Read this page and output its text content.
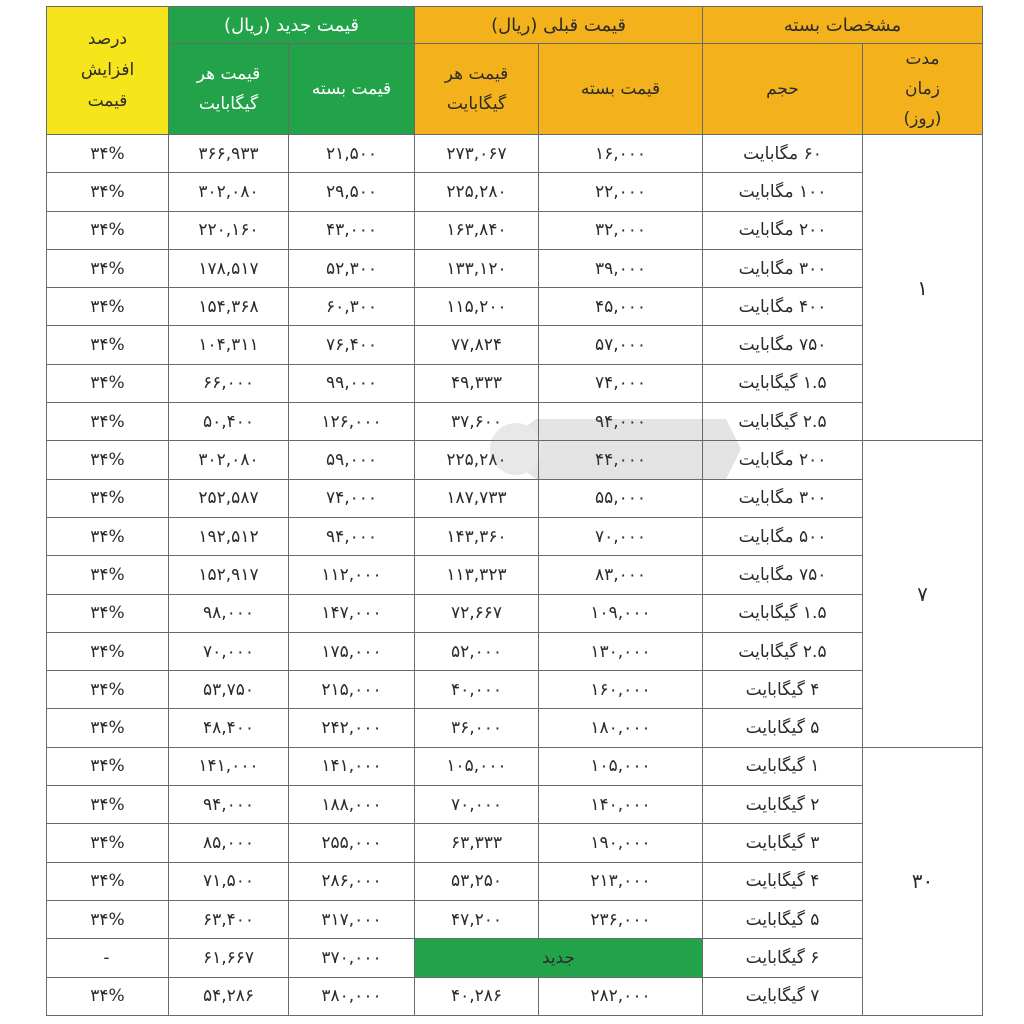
درصد افزایش قیمت	قیمت جدید (ریال)		قیمت قبلی (ریال)		مشخصات بسته	

	قیمت هر گیگابایت	قیمت بسته	قیمت هر گیگابایت	قیمت بسته	حجم	مدت زمان (روز)

۳۴%	۳۶۶,۹۳۳	۲۱,۵۰۰	۲۷۳,۰۶۷	۱۶,۰۰۰	۶۰ مگابایت	۱
۳۴%	۳۰۲,۰۸۰	۲۹,۵۰۰	۲۲۵,۲۸۰	۲۲,۰۰۰	۱۰۰ مگابایت	
۳۴%	۲۲۰,۱۶۰	۴۳,۰۰۰	۱۶۳,۸۴۰	۳۲,۰۰۰	۲۰۰ مگابایت	
۳۴%	۱۷۸,۵۱۷	۵۲,۳۰۰	۱۳۳,۱۲۰	۳۹,۰۰۰	۳۰۰ مگابایت	
۳۴%	۱۵۴,۳۶۸	۶۰,۳۰۰	۱۱۵,۲۰۰	۴۵,۰۰۰	۴۰۰ مگابایت	
۳۴%	۱۰۴,۳۱۱	۷۶,۴۰۰	۷۷,۸۲۴	۵۷,۰۰۰	۷۵۰ مگابایت	
۳۴%	۶۶,۰۰۰	۹۹,۰۰۰	۴۹,۳۳۳	۷۴,۰۰۰	۱.۵ گیگابایت	
۳۴%	۵۰,۴۰۰	۱۲۶,۰۰۰	۳۷,۶۰۰	۹۴,۰۰۰	۲.۵ گیگابایت	
۳۴%	۳۰۲,۰۸۰	۵۹,۰۰۰	۲۲۵,۲۸۰	۴۴,۰۰۰	۲۰۰ مگابایت	۷
۳۴%	۲۵۲,۵۸۷	۷۴,۰۰۰	۱۸۷,۷۳۳	۵۵,۰۰۰	۳۰۰ مگابایت	
۳۴%	۱۹۲,۵۱۲	۹۴,۰۰۰	۱۴۳,۳۶۰	۷۰,۰۰۰	۵۰۰ مگابایت	
۳۴%	۱۵۲,۹۱۷	۱۱۲,۰۰۰	۱۱۳,۳۲۳	۸۳,۰۰۰	۷۵۰ مگابایت	
۳۴%	۹۸,۰۰۰	۱۴۷,۰۰۰	۷۲,۶۶۷	۱۰۹,۰۰۰	۱.۵ گیگابایت	
۳۴%	۷۰,۰۰۰	۱۷۵,۰۰۰	۵۲,۰۰۰	۱۳۰,۰۰۰	۲.۵ گیگابایت	
۳۴%	۵۳,۷۵۰	۲۱۵,۰۰۰	۴۰,۰۰۰	۱۶۰,۰۰۰	۴ گیگابایت	
۳۴%	۴۸,۴۰۰	۲۴۲,۰۰۰	۳۶,۰۰۰	۱۸۰,۰۰۰	۵ گیگابایت	
۳۴%	۱۴۱,۰۰۰	۱۴۱,۰۰۰	۱۰۵,۰۰۰	۱۰۵,۰۰۰	۱ گیگابایت	۳۰
۳۴%	۹۴,۰۰۰	۱۸۸,۰۰۰	۷۰,۰۰۰	۱۴۰,۰۰۰	۲ گیگابایت	
۳۴%	۸۵,۰۰۰	۲۵۵,۰۰۰	۶۳,۳۳۳	۱۹۰,۰۰۰	۳ گیگابایت	
۳۴%	۷۱,۵۰۰	۲۸۶,۰۰۰	۵۳,۲۵۰	۲۱۳,۰۰۰	۴ گیگابایت	
۳۴%	۶۳,۴۰۰	۳۱۷,۰۰۰	۴۷,۲۰۰	۲۳۶,۰۰۰	۵ گیگابایت	
-	۶۱,۶۶۷	۳۷۰,۰۰۰	جدید		۶ گیگابایت	
۳۴%	۵۴,۲۸۶	۳۸۰,۰۰۰	۴۰,۲۸۶	۲۸۲,۰۰۰	۷ گیگابایت	
